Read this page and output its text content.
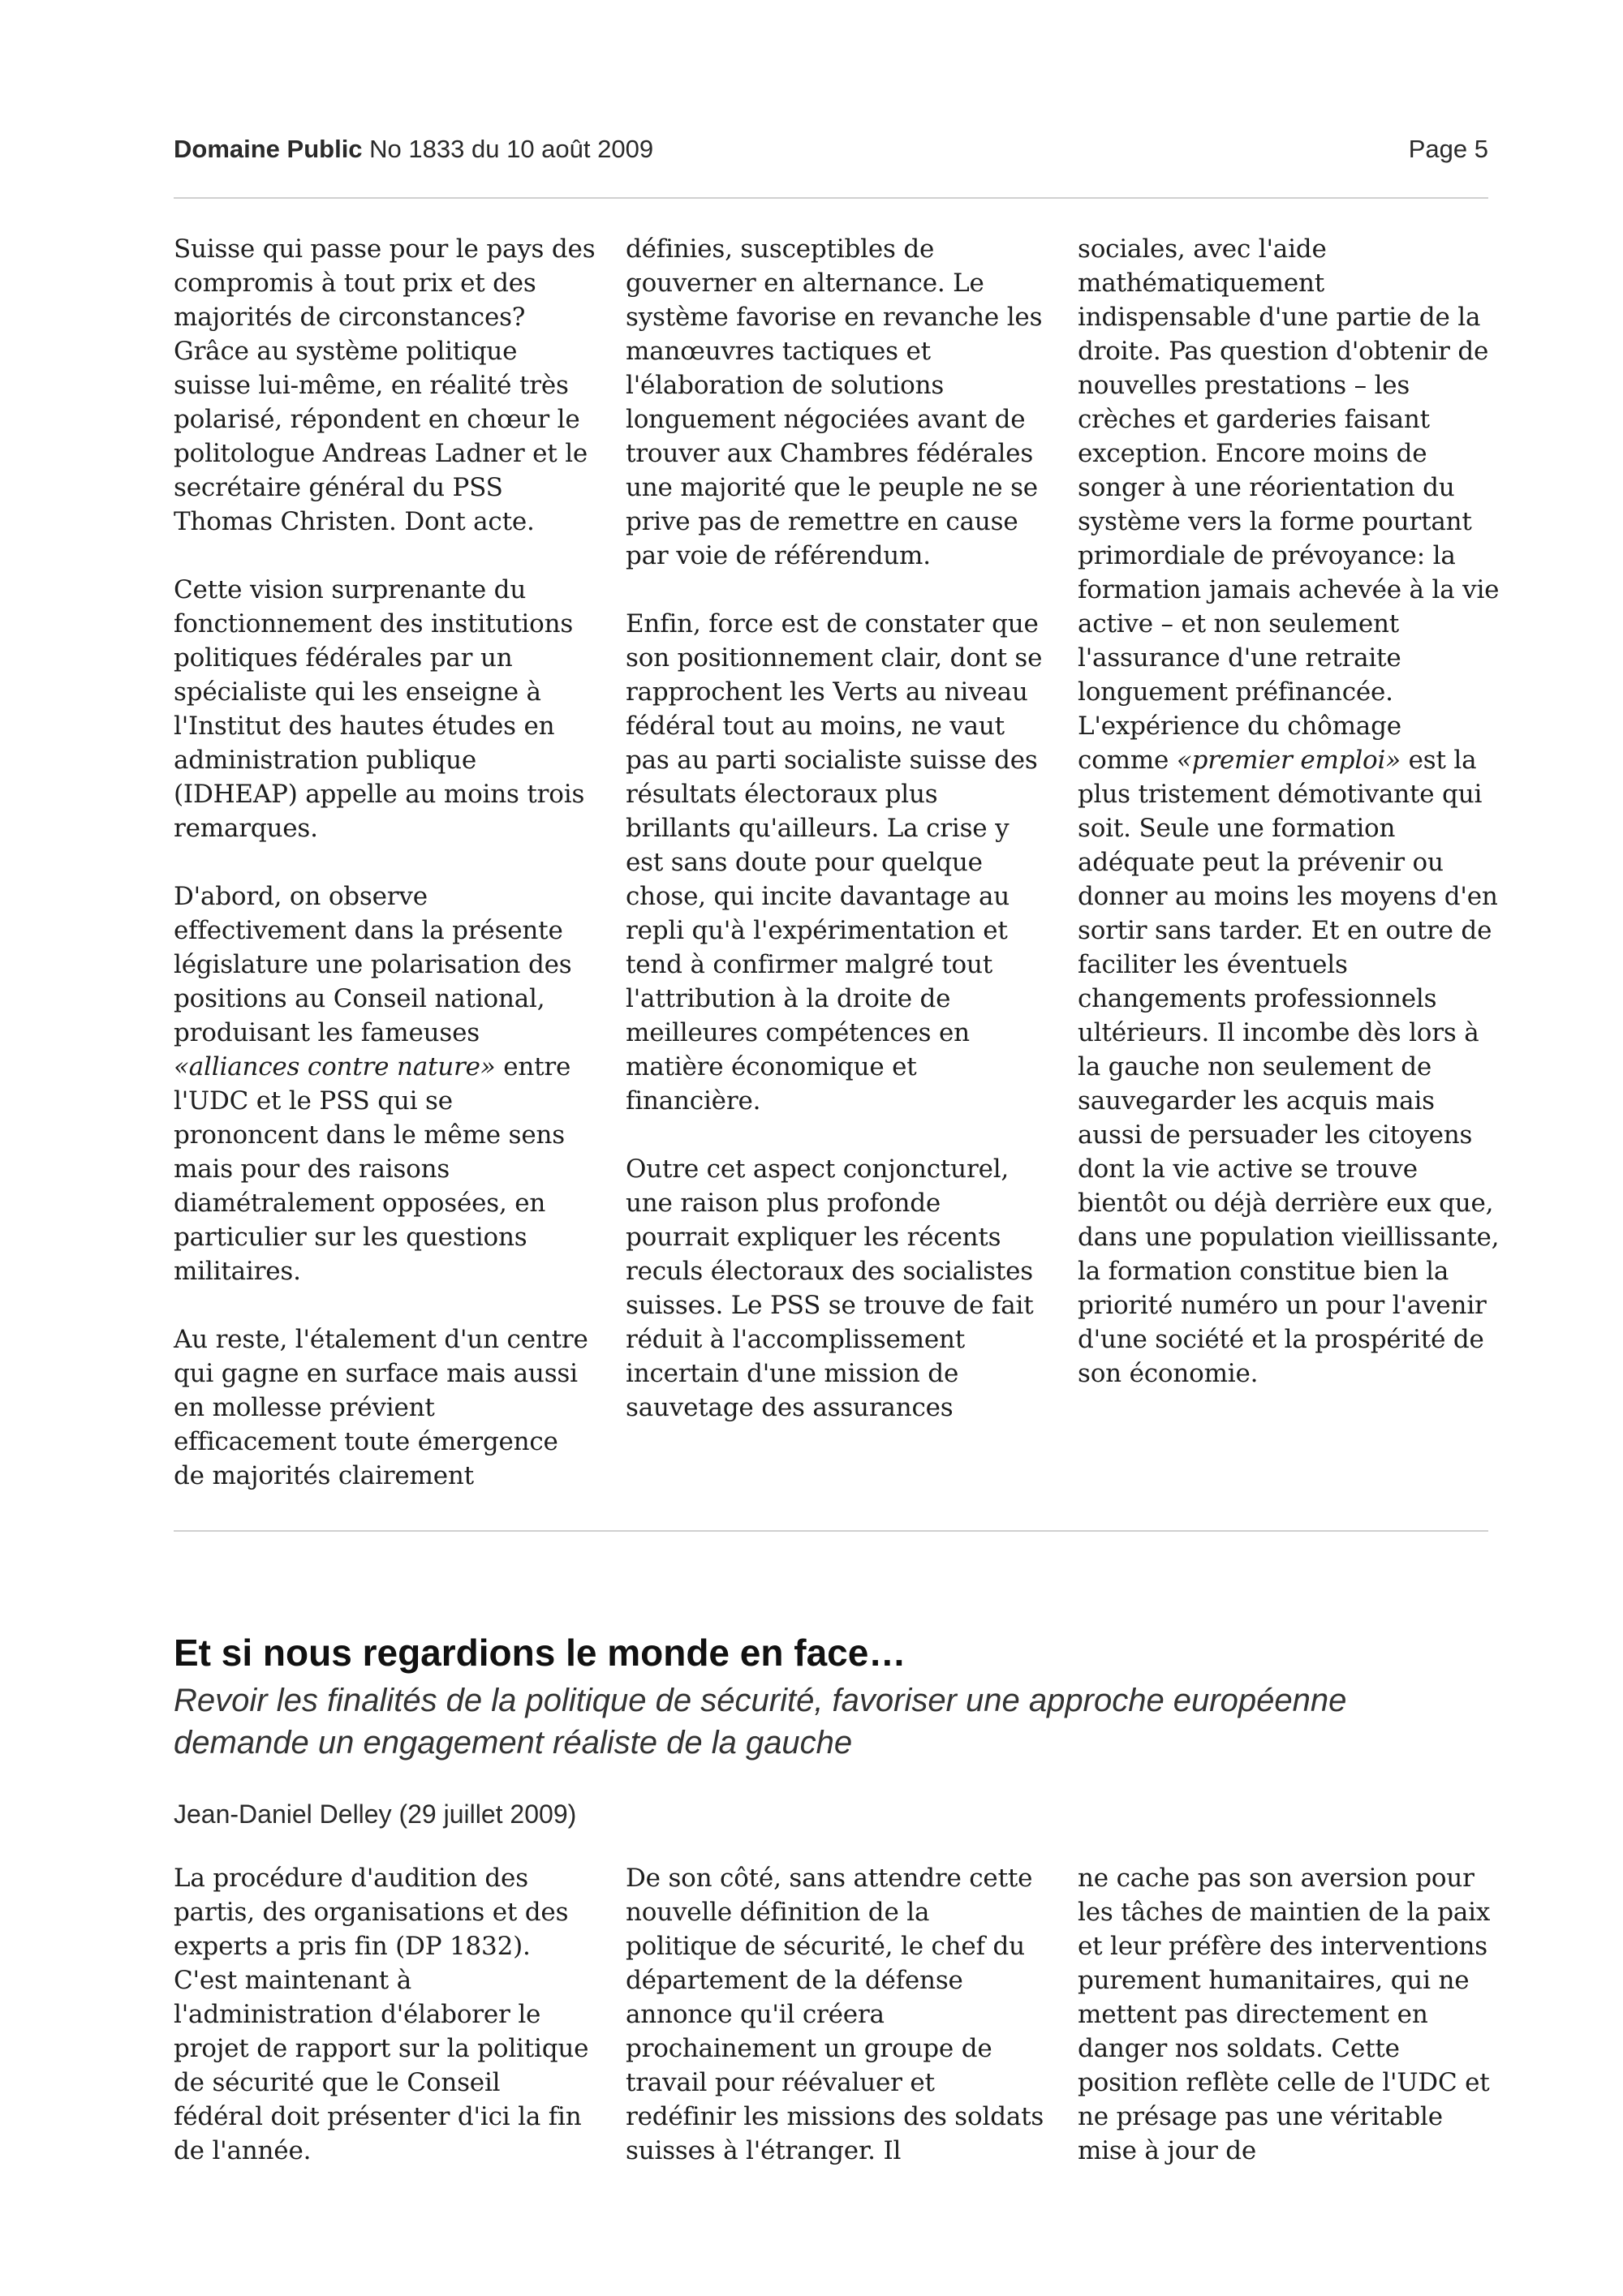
Domaine Public No 1833 du 10 août 2009	Page 5

Suisse qui passe pour le pays des compromis à tout prix et des majorités de circonstances? Grâce au système politique suisse lui-même, en réalité très polarisé, répondent en chœur le politologue Andreas Ladner et le secrétaire général du PSS Thomas Christen. Dont acte.

Cette vision surprenante du fonctionnement des institutions politiques fédérales par un spécialiste qui les enseigne à l'Institut des hautes études en administration publique (IDHEAP) appelle au moins trois remarques.

D'abord, on observe effectivement dans la présente législature une polarisation des positions au Conseil national, produisant les fameuses «alliances contre nature» entre l'UDC et le PSS qui se prononcent dans le même sens mais pour des raisons diamétralement opposées, en particulier sur les questions militaires.

Au reste, l'étalement d'un centre qui gagne en surface mais aussi en mollesse prévient efficacement toute émergence de majorités clairement

définies, susceptibles de gouverner en alternance. Le système favorise en revanche les manœuvres tactiques et l'élaboration de solutions longuement négociées avant de trouver aux Chambres fédérales une majorité que le peuple ne se prive pas de remettre en cause par voie de référendum.

Enfin, force est de constater que son positionnement clair, dont se rapprochent les Verts au niveau fédéral tout au moins, ne vaut pas au parti socialiste suisse des résultats électoraux plus brillants qu'ailleurs. La crise y est sans doute pour quelque chose, qui incite davantage au repli qu'à l'expérimentation et tend à confirmer malgré tout l'attribution à la droite de meilleures compétences en matière économique et financière.

Outre cet aspect conjoncturel, une raison plus profonde pourrait expliquer les récents reculs électoraux des socialistes suisses. Le PSS se trouve de fait réduit à l'accomplissement incertain d'une mission de sauvetage des assurances

sociales, avec l'aide mathématiquement indispensable d'une partie de la droite. Pas question d'obtenir de nouvelles prestations – les crèches et garderies faisant exception. Encore moins de songer à une réorientation du système vers la forme pourtant primordiale de prévoyance: la formation jamais achevée à la vie active – et non seulement l'assurance d'une retraite longuement préfinancée. L'expérience du chômage comme «premier emploi» est la plus tristement démotivante qui soit. Seule une formation adéquate peut la prévenir ou donner au moins les moyens d'en sortir sans tarder. Et en outre de faciliter les éventuels changements professionnels ultérieurs. Il incombe dès lors à la gauche non seulement de sauvegarder les acquis mais aussi de persuader les citoyens dont la vie active se trouve bientôt ou déjà derrière eux que, dans une population vieillissante, la formation constitue bien la priorité numéro un pour l'avenir d'une société et la prospérité de son économie.

Et si nous regardions le monde en face…
Revoir les finalités de la politique de sécurité, favoriser une approche européenne demande un engagement réaliste de la gauche
Jean-Daniel Delley (29 juillet 2009)

La procédure d'audition des partis, des organisations et des experts a pris fin (DP 1832). C'est maintenant à l'administration d'élaborer le projet de rapport sur la politique de sécurité que le Conseil fédéral doit présenter d'ici la fin de l'année.

De son côté, sans attendre cette nouvelle définition de la politique de sécurité, le chef du département de la défense annonce qu'il créera prochainement un groupe de travail pour réévaluer et redéfinir les missions des soldats suisses à l'étranger. Il

ne cache pas son aversion pour les tâches de maintien de la paix et leur préfère des interventions purement humanitaires, qui ne mettent pas directement en danger nos soldats. Cette position reflète celle de l'UDC et ne présage pas une véritable mise à jour de
